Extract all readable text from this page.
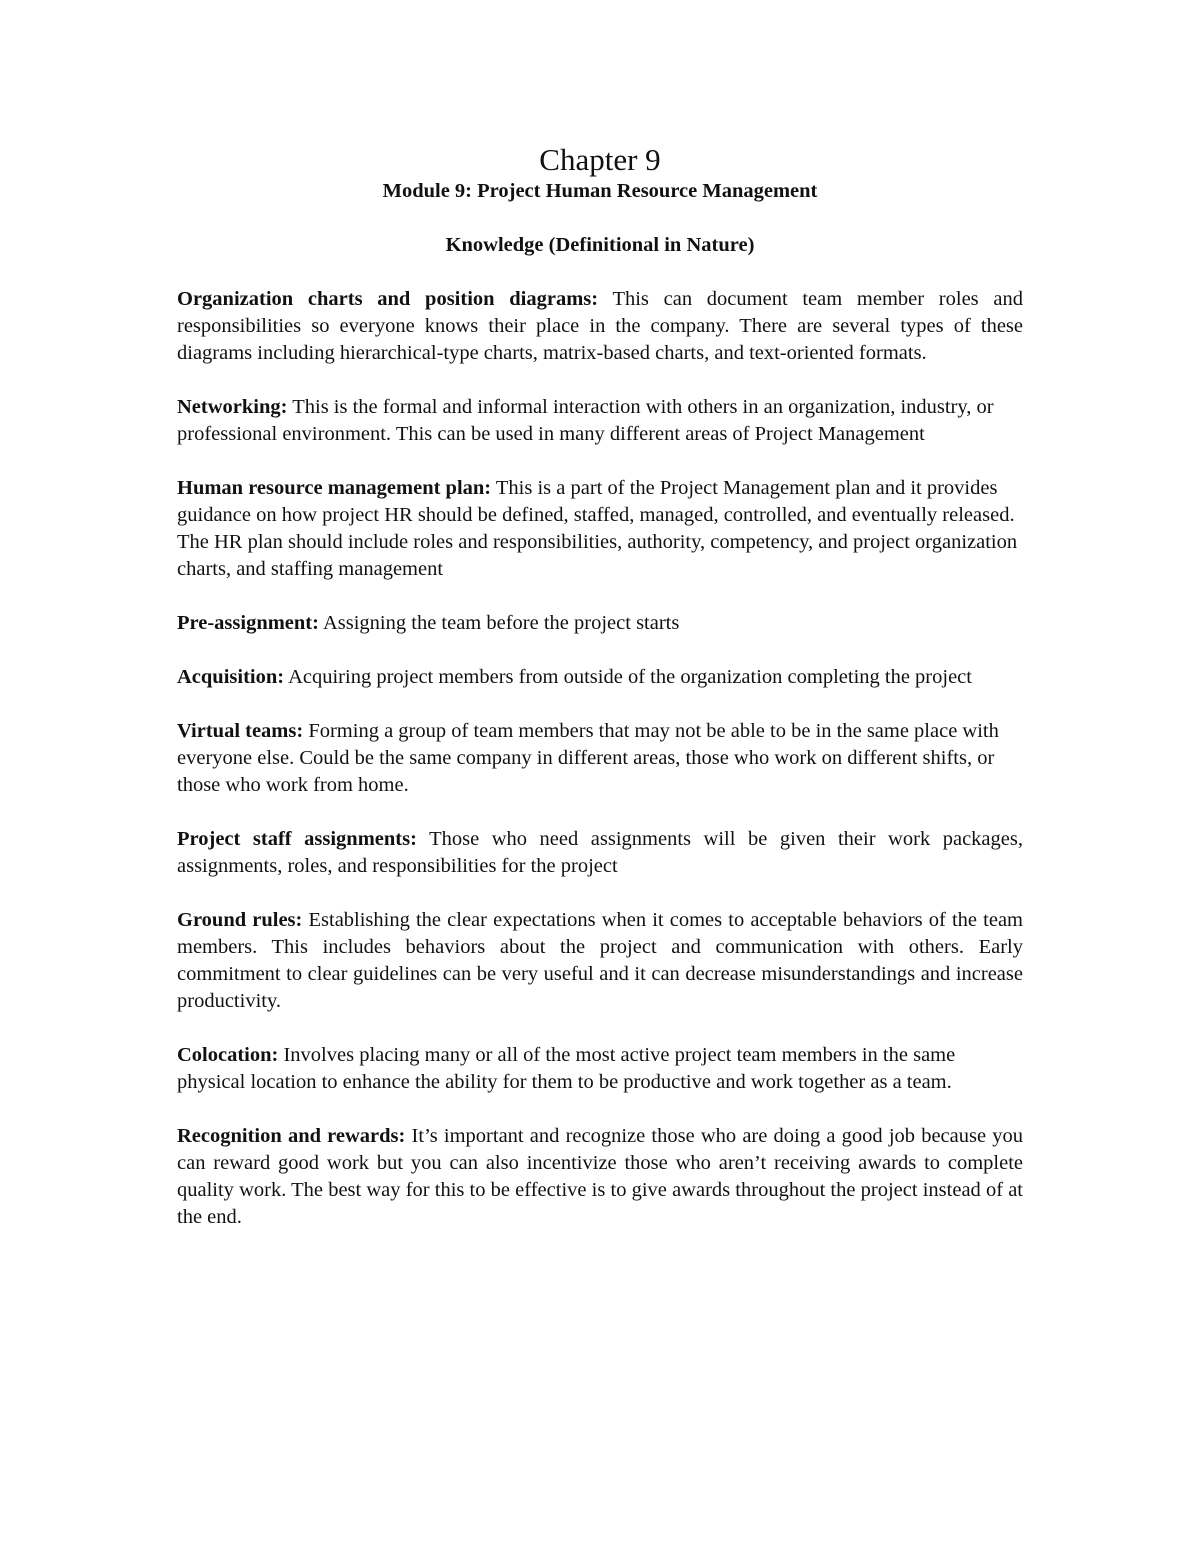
Chapter 9
Module 9: Project Human Resource Management
Knowledge (Definitional in Nature)

Organization charts and position diagrams: This can document team member roles and responsibilities so everyone knows their place in the company. There are several types of these diagrams including hierarchical-type charts, matrix-based charts, and text-oriented formats.

Networking: This is the formal and informal interaction with others in an organization, industry, or professional environment. This can be used in many different areas of Project Management

Human resource management plan: This is a part of the Project Management plan and it provides guidance on how project HR should be defined, staffed, managed, controlled, and eventually released. The HR plan should include roles and responsibilities, authority, competency, and project organization charts, and staffing management

Pre-assignment: Assigning the team before the project starts

Acquisition: Acquiring project members from outside of the organization completing the project

Virtual teams: Forming a group of team members that may not be able to be in the same place with everyone else. Could be the same company in different areas, those who work on different shifts, or those who work from home.

Project staff assignments: Those who need assignments will be given their work packages, assignments, roles, and responsibilities for the project

Ground rules: Establishing the clear expectations when it comes to acceptable behaviors of the team members. This includes behaviors about the project and communication with others. Early commitment to clear guidelines can be very useful and it can decrease misunderstandings and increase productivity.

Colocation: Involves placing many or all of the most active project team members in the same physical location to enhance the ability for them to be productive and work together as a team.

Recognition and rewards: It’s important and recognize those who are doing a good job because you can reward good work but you can also incentivize those who aren’t receiving awards to complete quality work. The best way for this to be effective is to give awards throughout the project instead of at the end.
